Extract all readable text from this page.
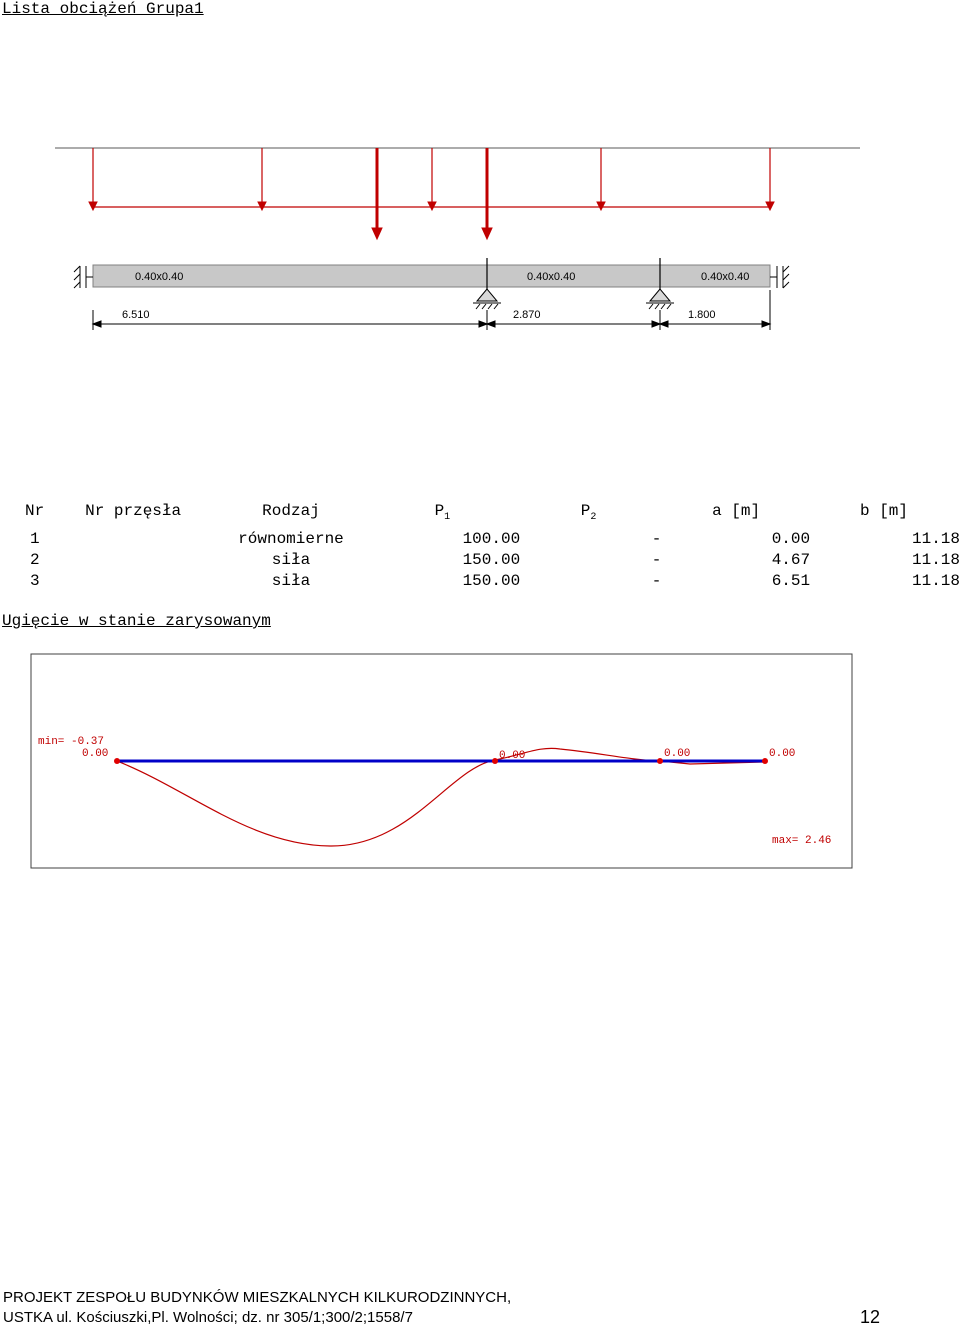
Lista obciążeń Grupa1
0.40x0.40	0.40x0.40	0.40x0.40
6.510	2.870	1.800
Nr	Nr przęsła	Rodzaj	$P_1$	$P_2$	a [m]	b [m]
1		równomierne	100.00	-	0.00	11.18
2		siła	150.00	-	4.67	11.18
3		siła	150.00	-	6.51	11.18
Ugięcie w stanie zarysowanym
min= -0.37
0.00	0.00	0.00	0.00
max= 2.46
PROJEKT ZESPOŁU BUDYNKÓW MIESZKALNYCH KILKURODZINNYCH,
USTKA ul. Kościuszki,Pl. Wolności; dz. nr 305/1;300/2;1558/7	12
